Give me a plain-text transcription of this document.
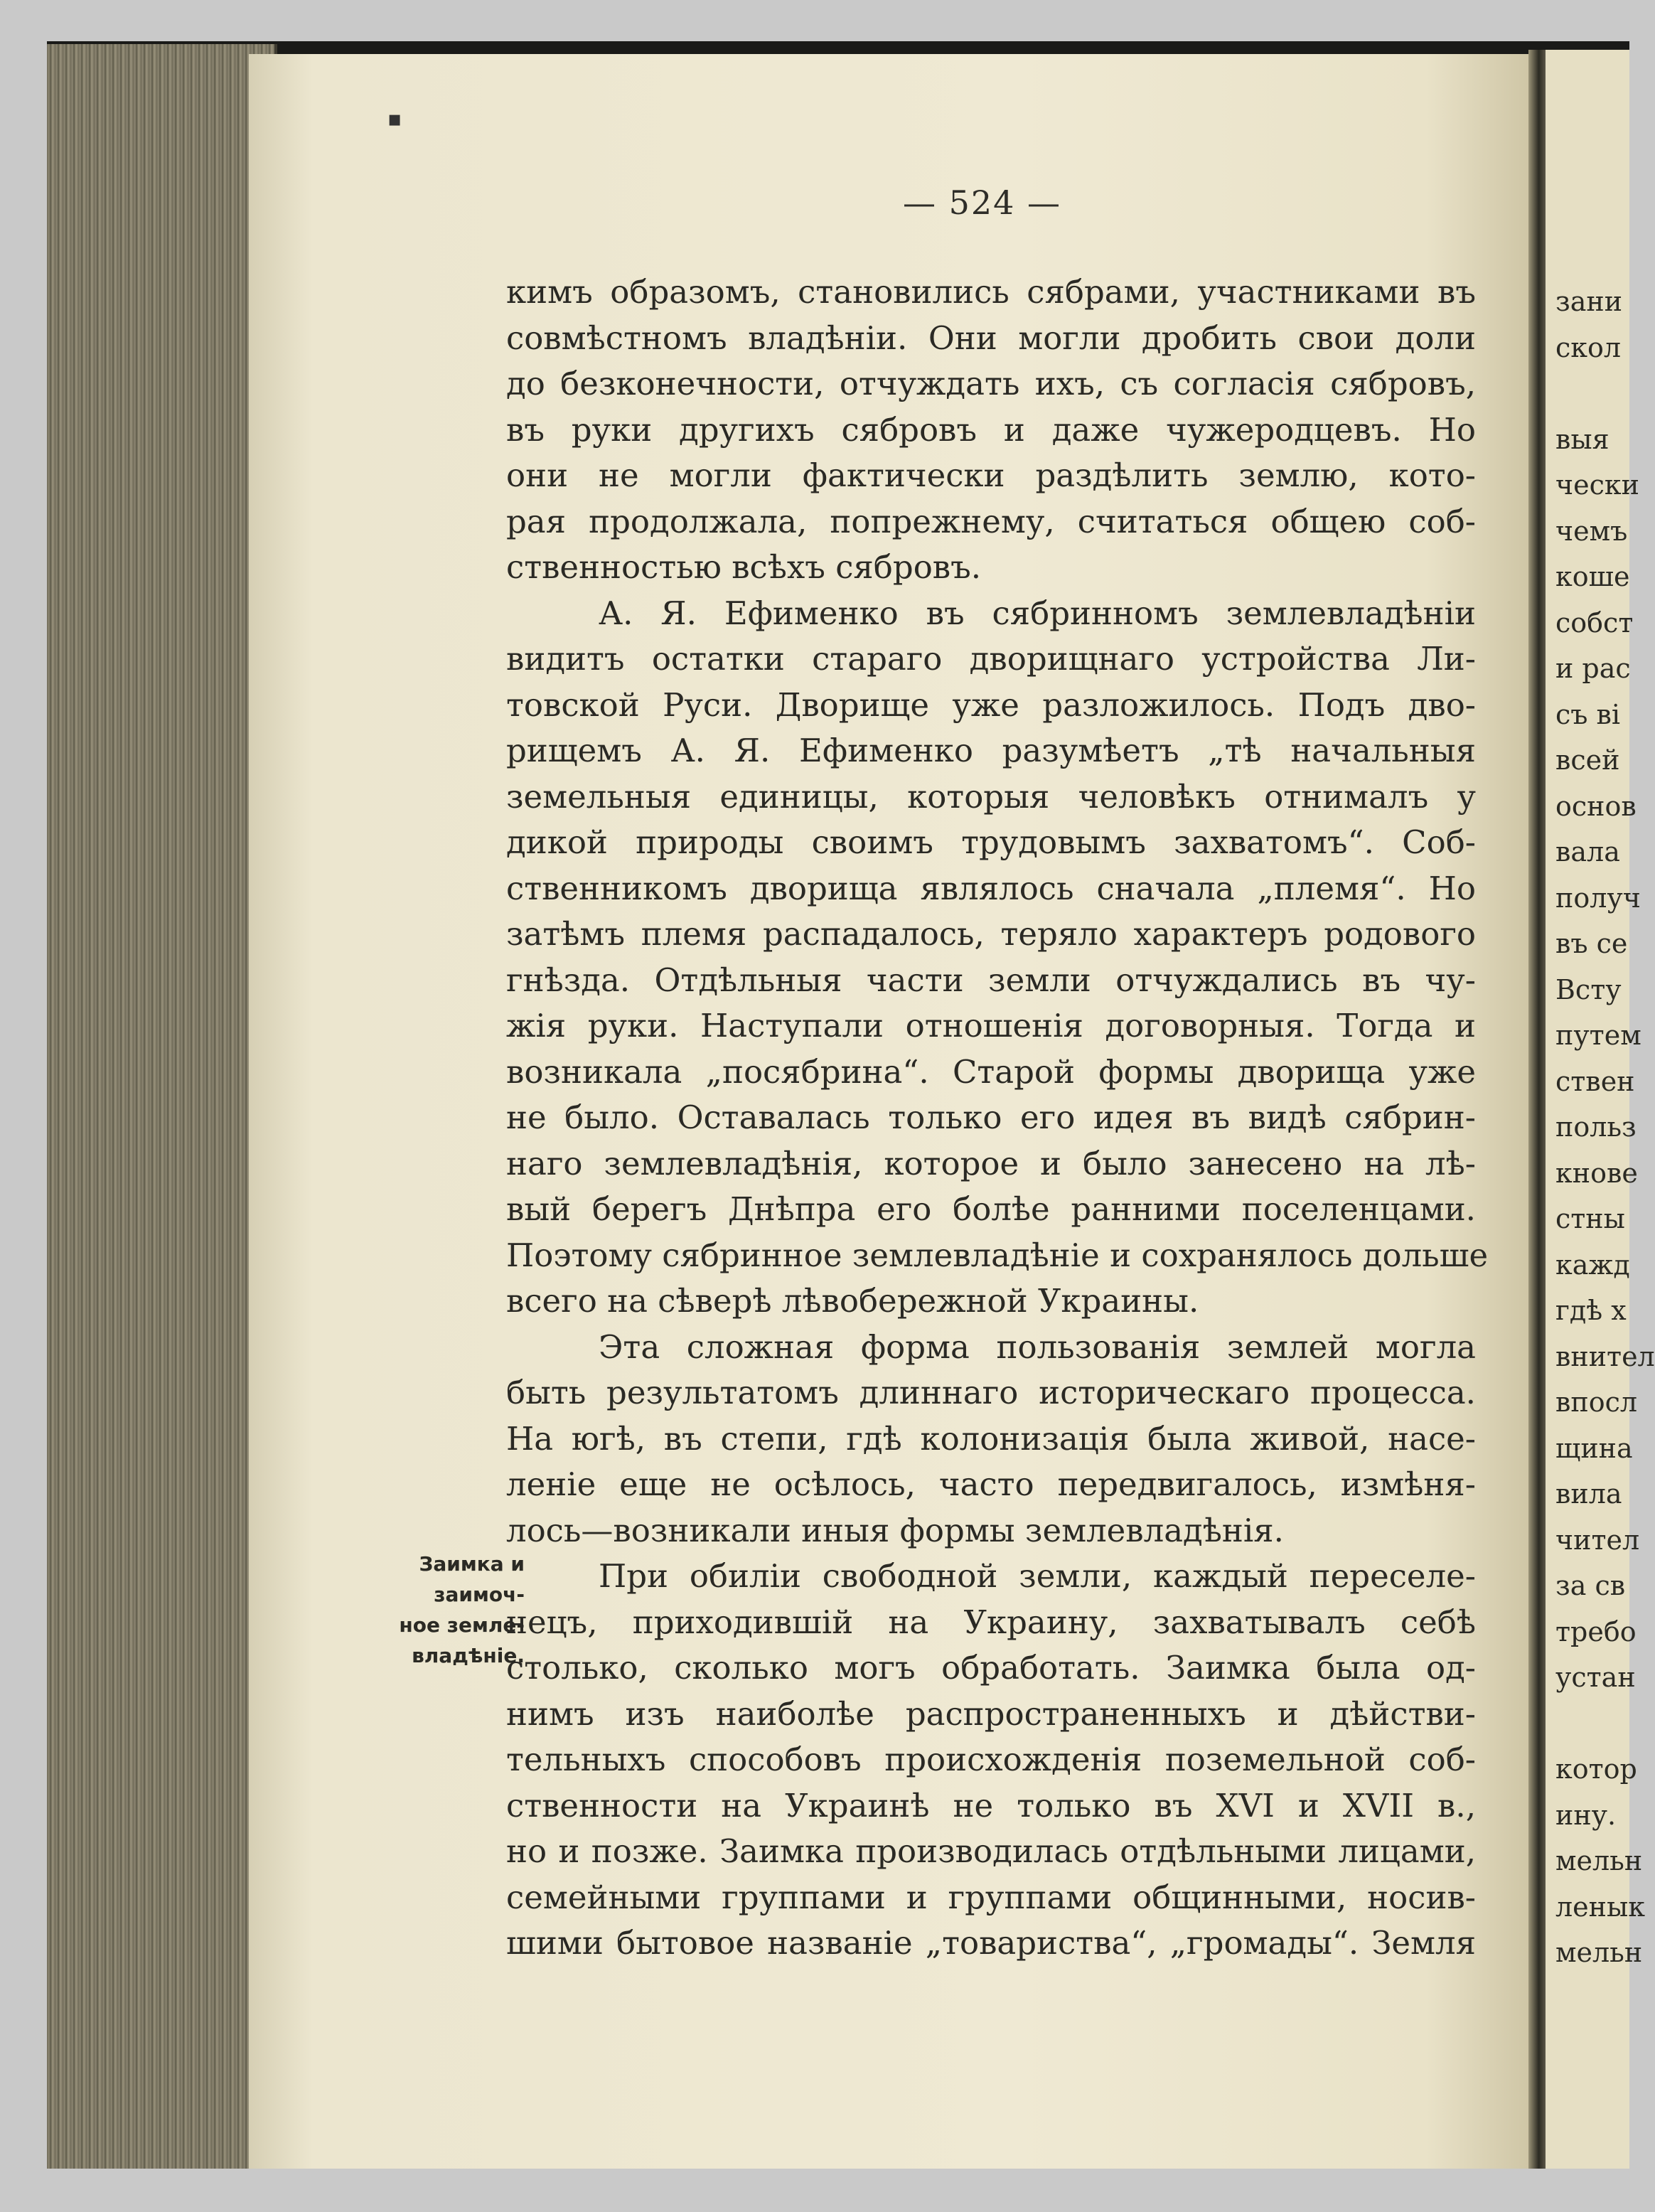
зани
скол
выя
чески
чемъ
коше
собст
и рас
съ ві
всей
основ
вала
получ
въ се
Всту
путем
ствен
польз
кнове
стны
кажд
гдѣ х
внител
впосл
щина
вила
чител
за св
требо
устан
котор
ину.
мельн
ленык
мельн
▪
— 524 —
Заимка и
заимоч-
ное земле-
владѣніе.
кимъ образомъ, становились сябрами, участниками въ
совмѣстномъ владѣніи. Они могли дробить свои доли
до безконечности, отчуждать ихъ, съ согласія сябровъ,
въ руки другихъ сябровъ и даже чужеродцевъ. Но
они не могли фактически раздѣлить землю, кото-
рая продолжала, попрежнему, считаться общею соб-
ственностью всѣхъ сябровъ.
А. Я. Ефименко въ сябринномъ землевладѣніи
видитъ остатки стараго дворищнаго устройства Ли-
товской Руси. Дворище уже разложилось. Подъ дво-
рищемъ А. Я. Ефименко разумѣетъ „тѣ начальныя
земельныя единицы, которыя человѣкъ отнималъ у
дикой природы своимъ трудовымъ захватомъ“. Соб-
ственникомъ дворища являлось сначала „племя“. Но
затѣмъ племя распадалось, теряло характеръ родового
гнѣзда. Отдѣльныя части земли отчуждались въ чу-
жія руки. Наступали отношенія договорныя. Тогда и
возникала „посябрина“. Старой формы дворища уже
не было. Оставалась только его идея въ видѣ сябрин-
наго землевладѣнія, которое и было занесено на лѣ-
вый берегъ Днѣпра его болѣе ранними поселенцами.
Поэтому сябринное землевладѣніе и сохранялось дольше
всего на сѣверѣ лѣвобережной Украины.
Эта сложная форма пользованія землей могла
быть результатомъ длиннаго историческаго процесса.
На югѣ, въ степи, гдѣ колонизація была живой, насе-
леніе еще не осѣлось, часто передвигалось, измѣня-
лось—возникали иныя формы землевладѣнія.
При обиліи свободной земли, каждый переселе-
нецъ, приходившій на Украину, захватывалъ себѣ
столько, сколько могъ обработать. Заимка была од-
нимъ изъ наиболѣе распространенныхъ и дѣйстви-
тельныхъ способовъ происхожденія поземельной соб-
ственности на Украинѣ не только въ XVI и XVII в.,
но и позже. Заимка производилась отдѣльными лицами,
семейными группами и группами общинными, носив-
шими бытовое названіе „товариства“, „громады“. Земля
